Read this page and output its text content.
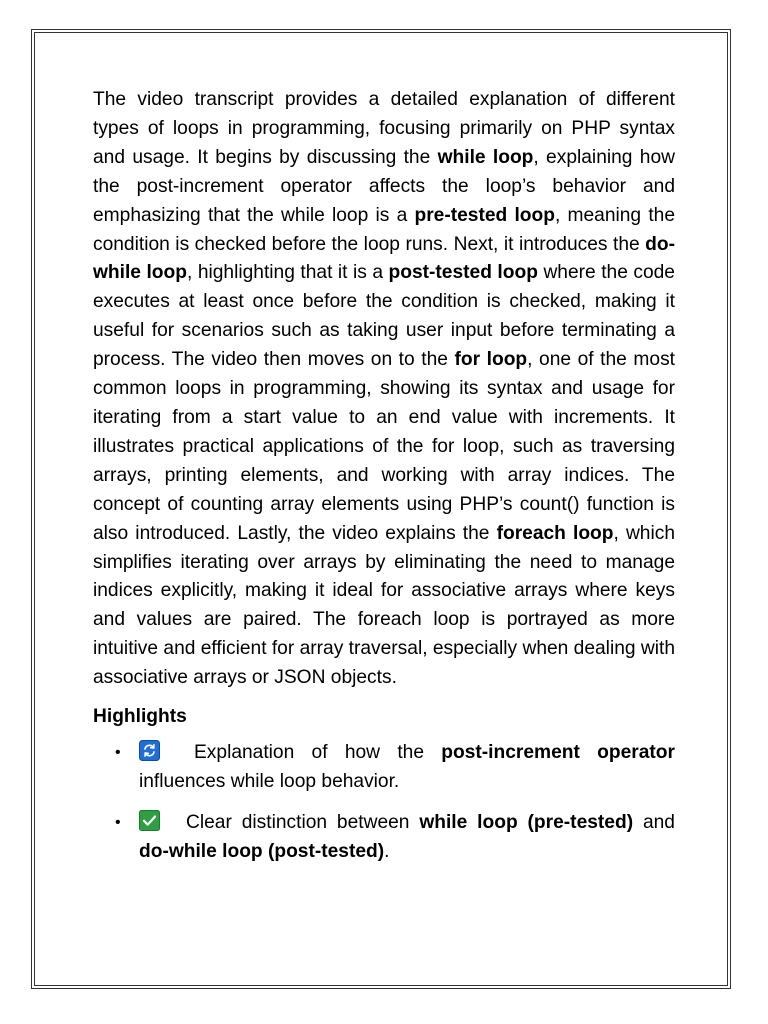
The video transcript provides a detailed explanation of different types of loops in programming, focusing primarily on PHP syntax and usage. It begins by discussing the while loop, explaining how the post-increment operator affects the loop’s behavior and emphasizing that the while loop is a pre-tested loop, meaning the condition is checked before the loop runs. Next, it introduces the do-while loop, highlighting that it is a post-tested loop where the code executes at least once before the condition is checked, making it useful for scenarios such as taking user input before terminating a process. The video then moves on to the for loop, one of the most common loops in programming, showing its syntax and usage for iterating from a start value to an end value with increments. It illustrates practical applications of the for loop, such as traversing arrays, printing elements, and working with array indices. The concept of counting array elements using PHP’s count() function is also introduced. Lastly, the video explains the foreach loop, which simplifies iterating over arrays by eliminating the need to manage indices explicitly, making it ideal for associative arrays where keys and values are paired. The foreach loop is portrayed as more intuitive and efficient for array traversal, especially when dealing with associative arrays or JSON objects.

Highlights
•	Explanation of how the post-increment operator influences while loop behavior.
•	Clear distinction between while loop (pre-tested) and do-while loop (post-tested).
